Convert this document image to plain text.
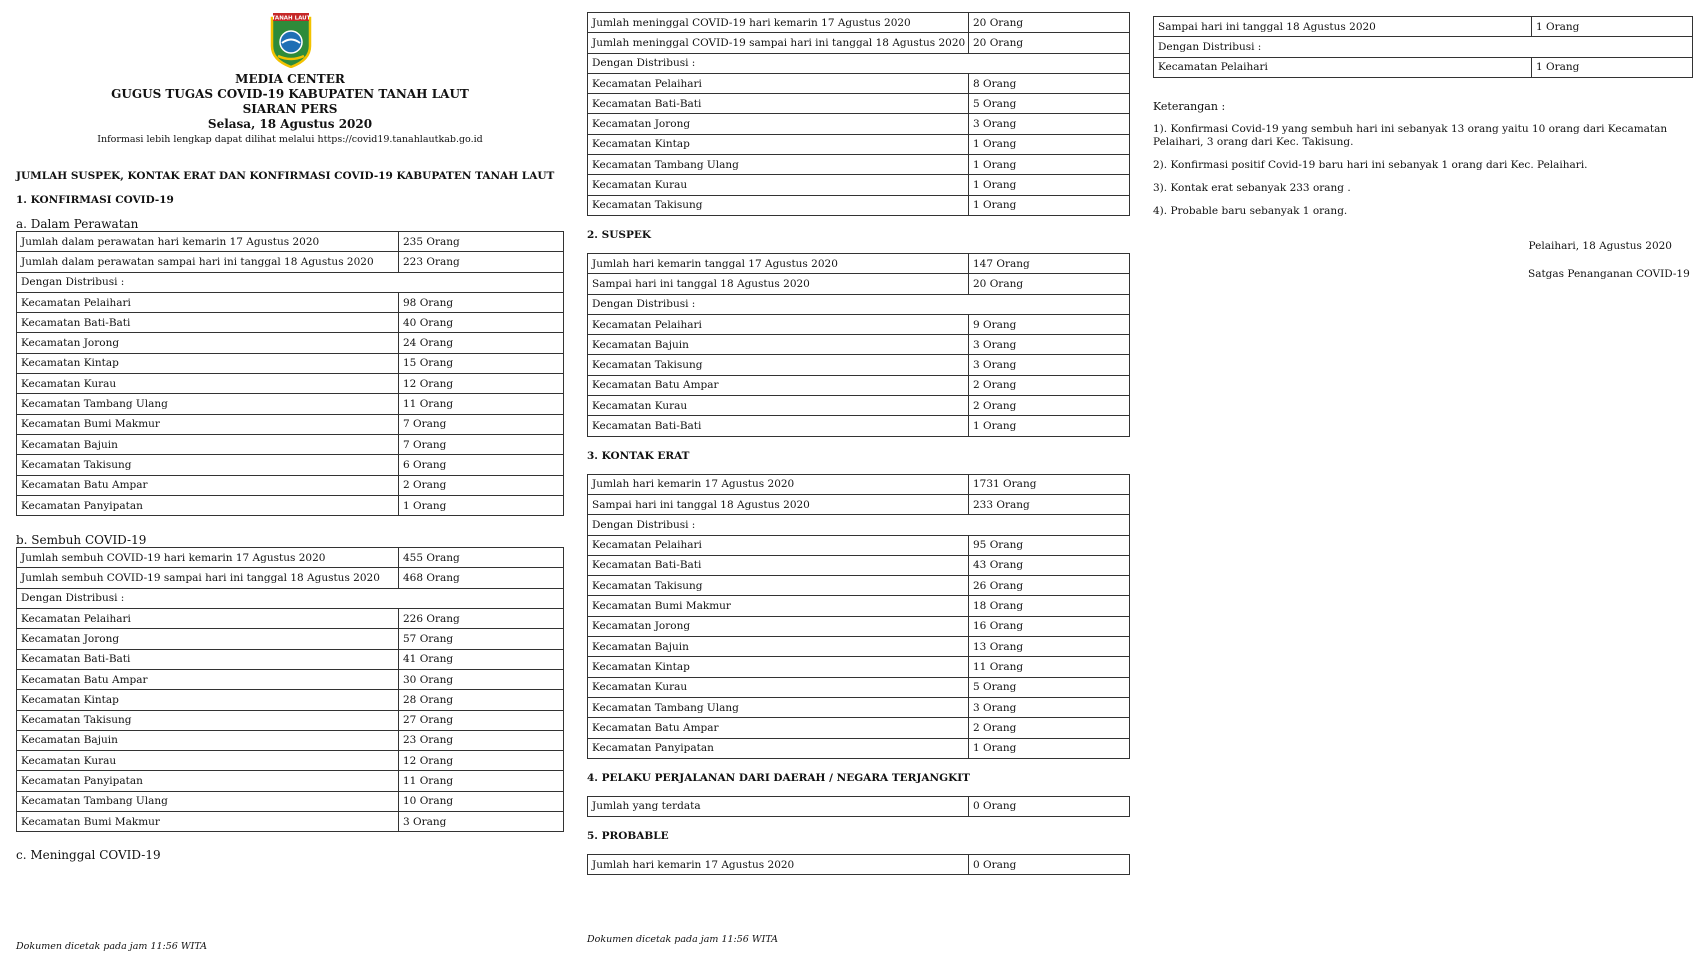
TANAH LAUT
MEDIA CENTER
GUGUS TUGAS COVID-19 KABUPATEN TANAH LAUT
SIARAN PERS
Selasa, 18 Agustus 2020
Informasi lebih lengkap dapat dilihat melalui https://covid19.tanahlautkab.go.id
JUMLAH SUSPEK, KONTAK ERAT DAN KONFIRMASI COVID-19 KABUPATEN TANAH LAUT
1. KONFIRMASI COVID-19
a. Dalam Perawatan
Jumlah dalam perawatan hari kemarin 17 Agustus 2020	235 Orang
Jumlah dalam perawatan sampai hari ini tanggal 18 Agustus 2020	223 Orang
Dengan Distribusi :	
Kecamatan Pelaihari	98 Orang
Kecamatan Bati-Bati	40 Orang
Kecamatan Jorong	24 Orang
Kecamatan Kintap	15 Orang
Kecamatan Kurau	12 Orang
Kecamatan Tambang Ulang	11 Orang
Kecamatan Bumi Makmur	7 Orang
Kecamatan Bajuin	7 Orang
Kecamatan Takisung	6 Orang
Kecamatan Batu Ampar	2 Orang
Kecamatan Panyipatan	1 Orang
b. Sembuh COVID-19
Jumlah sembuh COVID-19 hari kemarin 17 Agustus 2020	455 Orang
Jumlah sembuh COVID-19 sampai hari ini tanggal 18 Agustus 2020	468 Orang
Dengan Distribusi :	
Kecamatan Pelaihari	226 Orang
Kecamatan Jorong	57 Orang
Kecamatan Bati-Bati	41 Orang
Kecamatan Batu Ampar	30 Orang
Kecamatan Kintap	28 Orang
Kecamatan Takisung	27 Orang
Kecamatan Bajuin	23 Orang
Kecamatan Kurau	12 Orang
Kecamatan Panyipatan	11 Orang
Kecamatan Tambang Ulang	10 Orang
Kecamatan Bumi Makmur	3 Orang
c. Meninggal COVID-19
Dokumen dicetak pada jam 11:56 WITA
Jumlah meninggal COVID-19 hari kemarin 17 Agustus 2020	20 Orang
Jumlah meninggal COVID-19 sampai hari ini tanggal 18 Agustus 2020	20 Orang
Dengan Distribusi :	
Kecamatan Pelaihari	8 Orang
Kecamatan Bati-Bati	5 Orang
Kecamatan Jorong	3 Orang
Kecamatan Kintap	1 Orang
Kecamatan Tambang Ulang	1 Orang
Kecamatan Kurau	1 Orang
Kecamatan Takisung	1 Orang
2. SUSPEK
Jumlah hari kemarin tanggal 17 Agustus 2020	147 Orang
Sampai hari ini tanggal 18 Agustus 2020	20 Orang
Dengan Distribusi :	
Kecamatan Pelaihari	9 Orang
Kecamatan Bajuin	3 Orang
Kecamatan Takisung	3 Orang
Kecamatan Batu Ampar	2 Orang
Kecamatan Kurau	2 Orang
Kecamatan Bati-Bati	1 Orang
3. KONTAK ERAT
Jumlah hari kemarin 17 Agustus 2020	1731 Orang
Sampai hari ini tanggal 18 Agustus 2020	233 Orang
Dengan Distribusi :	
Kecamatan Pelaihari	95 Orang
Kecamatan Bati-Bati	43 Orang
Kecamatan Takisung	26 Orang
Kecamatan Bumi Makmur	18 Orang
Kecamatan Jorong	16 Orang
Kecamatan Bajuin	13 Orang
Kecamatan Kintap	11 Orang
Kecamatan Kurau	5 Orang
Kecamatan Tambang Ulang	3 Orang
Kecamatan Batu Ampar	2 Orang
Kecamatan Panyipatan	1 Orang
4. PELAKU PERJALANAN DARI DAERAH / NEGARA TERJANGKIT
Jumlah yang terdata	0 Orang
5. PROBABLE
Jumlah hari kemarin 17 Agustus 2020	0 Orang
Dokumen dicetak pada jam 11:56 WITA
Sampai hari ini tanggal 18 Agustus 2020	1 Orang
Dengan Distribusi :	
Kecamatan Pelaihari	1 Orang
Keterangan :
1). Konfirmasi Covid-19 yang sembuh hari ini sebanyak 13 orang yaitu 10 orang dari Kecamatan Pelaihari, 3 orang dari Kec. Takisung.
2). Konfirmasi positif Covid-19 baru hari ini sebanyak 1 orang dari Kec. Pelaihari.
3). Kontak erat sebanyak 233 orang .
4). Probable baru sebanyak 1 orang.
Pelaihari, 18 Agustus 2020
Satgas Penanganan COVID-19
